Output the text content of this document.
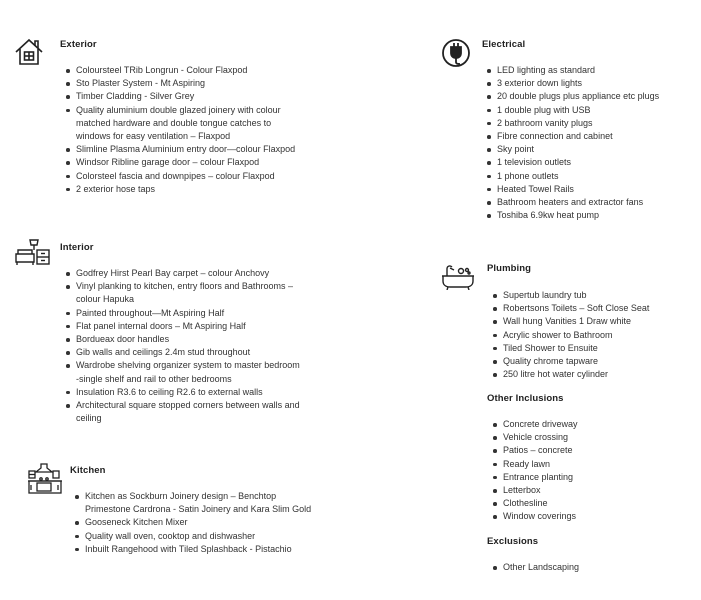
Exterior
Coloursteel TRib Longrun - Colour Flaxpod
Sto Plaster System - Mt Aspiring
Timber Cladding - Silver Grey
Quality aluminium double glazed joinery with colour
matched hardware and double tongue catches to
windows for easy ventilation – Flaxpod
Slimline Plasma Aluminium entry door—colour Flaxpod
Windsor Ribline garage door – colour Flaxpod
Colorsteel fascia and downpipes – colour Flaxpod
2 exterior hose taps
Interior
Godfrey Hirst Pearl Bay carpet – colour Anchovy
Vinyl planking to kitchen, entry floors and Bathrooms –
colour Hapuka
Painted throughout—Mt Aspiring Half
Flat panel internal doors – Mt Aspiring Half
Bordueax door handles
Gib walls and ceilings 2.4m stud throughout
Wardrobe shelving organizer system to master bedroom
-single shelf and rail to other bedrooms
Insulation R3.6 to ceiling R2.6 to external walls
Architectural square stopped corners between walls and
ceiling
Kitchen
Kitchen as Sockburn Joinery design – Benchtop
Primestone Cardrona - Satin Joinery and Kara Slim Gold
Gooseneck Kitchen Mixer
Quality wall oven, cooktop and dishwasher
Inbuilt Rangehood with Tiled Splashback - Pistachio
Electrical
LED lighting as standard
3 exterior down lights
20 double plugs plus appliance etc plugs
1 double plug with USB
2 bathroom vanity plugs
Fibre connection and cabinet
Sky point
1 television outlets
1 phone outlets
Heated Towel Rails
Bathroom heaters and extractor fans
Toshiba 6.9kw heat pump
Plumbing
Supertub laundry tub
Robertsons Toilets – Soft Close Seat
Wall hung Vanities 1 Draw white
Acrylic shower to Bathroom
Tiled Shower to Ensuite
Quality chrome tapware
250 litre hot water cylinder
Other Inclusions
Concrete driveway
Vehicle crossing
Patios – concrete
Ready lawn
Entrance planting
Letterbox
Clothesline
Window coverings
Exclusions
Other Landscaping
